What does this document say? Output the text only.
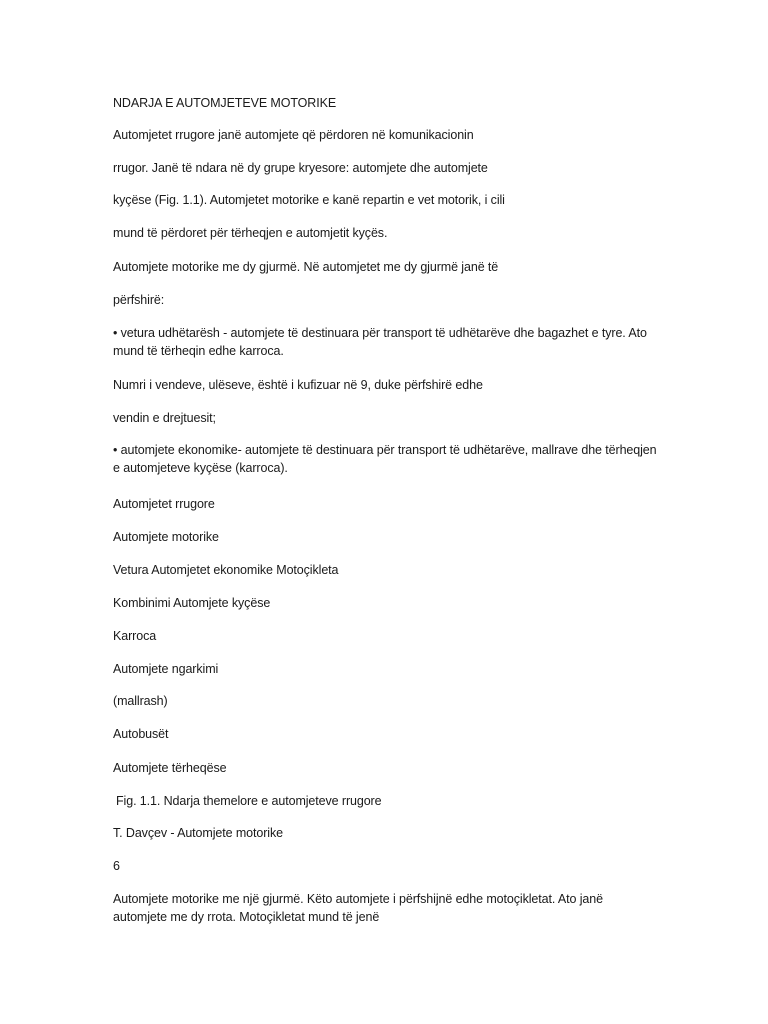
NDARJA E AUTOMJETEVE MOTORIKE
Automjetet rrugore janë automjete që përdoren në komunikacionin
rrugor. Janë të ndara në dy grupe kryesore: automjete dhe automjete
kyçëse (Fig. 1.1). Automjetet motorike e kanë repartin e vet motorik, i cili
mund të përdoret për tërheqjen e automjetit kyçës.
Automjete motorike me dy gjurmë. Në automjetet me dy gjurmë janë të
përfshirë:
• vetura udhëtarësh - automjete të destinuara për transport të udhëtarëve dhe bagazhet e tyre. Ato mund të tërheqin edhe karroca.
Numri i vendeve, ulëseve, është i kufizuar në 9, duke përfshirë edhe
vendin e drejtuesit;
• automjete ekonomike- automjete të destinuara për transport të udhëtarëve, mallrave dhe tërheqjen e automjeteve kyçëse (karroca).
Automjetet rrugore
Automjete motorike
Vetura Automjetet ekonomike Motoçikleta
Kombinimi Automjete kyçëse
Karroca
Automjete ngarkimi
(mallrash)
Autobusët
Automjete tërheqëse
Fig. 1.1. Ndarja themelore e automjeteve rrugore
T. Davçev - Automjete motorike
6
Automjete motorike me një gjurmë. Këto automjete i përfshijnë edhe motoçikletat. Ato janë automjete me dy rrota. Motoçikletat mund të jenë
